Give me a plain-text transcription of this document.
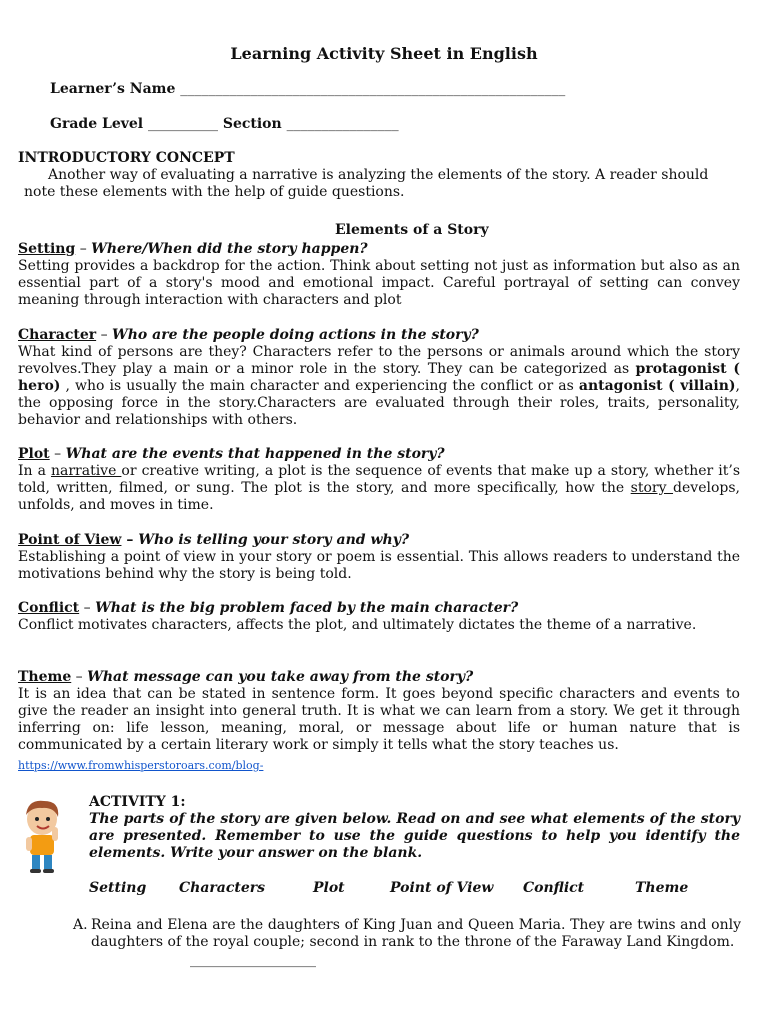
Learning Activity Sheet in English
Learner’s Name _______________________________________________________
Grade Level __________ Section ________________
INTRODUCTORY CONCEPT
Another way of evaluating a narrative is analyzing the elements of the story. A reader should note these elements with the help of guide questions.
Elements of a Story
Setting – Where/When did the story happen?
Setting provides a backdrop for the action. Think about setting not just as information but also as an essential part of a story's mood and emotional impact. Careful portrayal of setting can convey meaning through interaction with characters and plot
Character – Who are the people doing actions in the story?
What kind of persons are they? Characters refer to the persons or animals around which the story revolves.They play a main or a minor role in the story. They can be categorized as protagonist ( hero) , who is usually the main character and experiencing the conflict or as antagonist ( villain), the opposing force in the story.Characters are evaluated through their roles, traits, personality, behavior and relationships with others.
Plot – What are the events that happened in the story?
In a narrative or creative writing, a plot is the sequence of events that make up a story, whether it’s told, written, filmed, or sung. The plot is the story, and more specifically, how the story develops, unfolds, and moves in time.
Point of View – Who is telling your story and why?
Establishing a point of view in your story or poem is essential. This allows readers to understand the motivations behind why the story is being told.
Conflict – What is the big problem faced by the main character?
Conflict motivates characters, affects the plot, and ultimately dictates the theme of a narrative.
Theme – What message can you take away from the story?
It is an idea that can be stated in sentence form. It goes beyond specific characters and events to give the reader an insight into general truth. It is what we can learn from a story. We get it through inferring on: life lesson, meaning, moral, or message about life or human nature that is communicated by a certain literary work or simply it tells what the story teaches us.
https://www.fromwhisperstoroars.com/blog-
ACTIVITY 1:
The parts of the story are given below. Read on and see what elements of the story are presented. Remember to use the guide questions to help you identify the elements. Write your answer on the blank.
Setting Characters	Plot	Point of View Conflict	Theme
A. Reina and Elena are the daughters of King Juan and Queen Maria. They are twins and only daughters of the royal couple; second in rank to the throne of the Faraway Land Kingdom.
__________________
